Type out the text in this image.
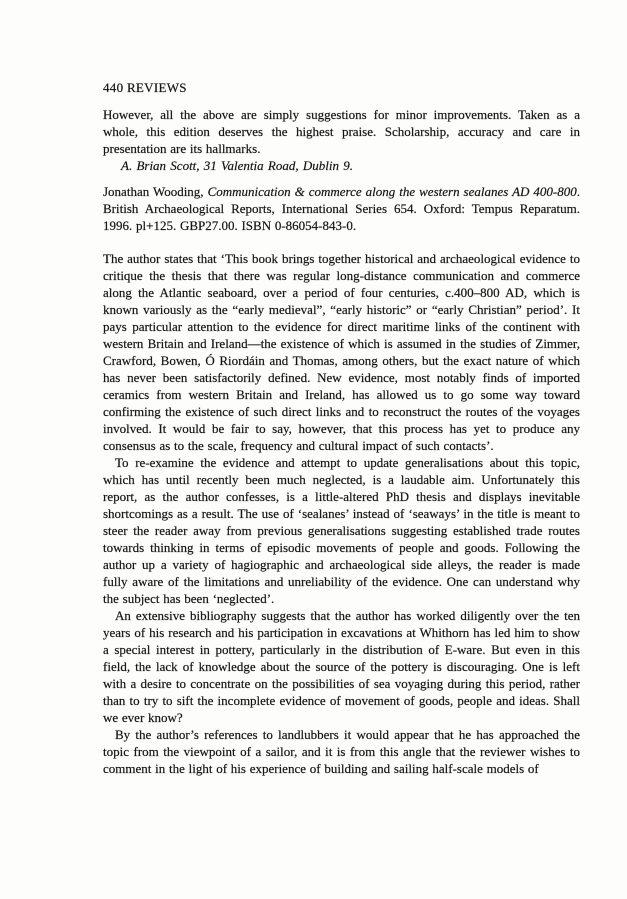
440 REVIEWS

However, all the above are simply suggestions for minor improvements. Taken as a whole, this edition deserves the highest praise. Scholarship, accuracy and care in presentation are its hallmarks.

A. Brian Scott, 31 Valentia Road, Dublin 9.

Jonathan Wooding, Communication & commerce along the western sealanes AD 400-800. British Archaeological Reports, International Series 654. Oxford: Tempus Reparatum. 1996. pl+125. GBP27.00. ISBN 0-86054-843-0.

The author states that ‘This book brings together historical and archaeological evidence to critique the thesis that there was regular long-distance communication and commerce along the Atlantic seaboard, over a period of four centuries, c.400–800 AD, which is known variously as the “early medieval”, “early historic” or “early Christian” period’. It pays particular attention to the evidence for direct maritime links of the continent with western Britain and Ireland—the existence of which is assumed in the studies of Zimmer, Crawford, Bowen, Ó Riordáin and Thomas, among others, but the exact nature of which has never been satisfactorily defined. New evidence, most notably finds of imported ceramics from western Britain and Ireland, has allowed us to go some way toward confirming the existence of such direct links and to reconstruct the routes of the voyages involved. It would be fair to say, however, that this process has yet to produce any consensus as to the scale, frequency and cultural impact of such contacts’.

To re-examine the evidence and attempt to update generalisations about this topic, which has until recently been much neglected, is a laudable aim. Unfortunately this report, as the author confesses, is a little-altered PhD thesis and displays inevitable shortcomings as a result. The use of ‘sealanes’ instead of ‘seaways’ in the title is meant to steer the reader away from previous generalisations suggesting established trade routes towards thinking in terms of episodic movements of people and goods. Following the author up a variety of hagiographic and archaeological side alleys, the reader is made fully aware of the limitations and unreliability of the evidence. One can understand why the subject has been ‘neglected’.

An extensive bibliography suggests that the author has worked diligently over the ten years of his research and his participation in excavations at Whithorn has led him to show a special interest in pottery, particularly in the distribution of E-ware. But even in this field, the lack of knowledge about the source of the pottery is discouraging. One is left with a desire to concentrate on the possibilities of sea voyaging during this period, rather than to try to sift the incomplete evidence of movement of goods, people and ideas. Shall we ever know?

By the author’s references to landlubbers it would appear that he has approached the topic from the viewpoint of a sailor, and it is from this angle that the reviewer wishes to comment in the light of his experience of building and sailing half-scale models of
